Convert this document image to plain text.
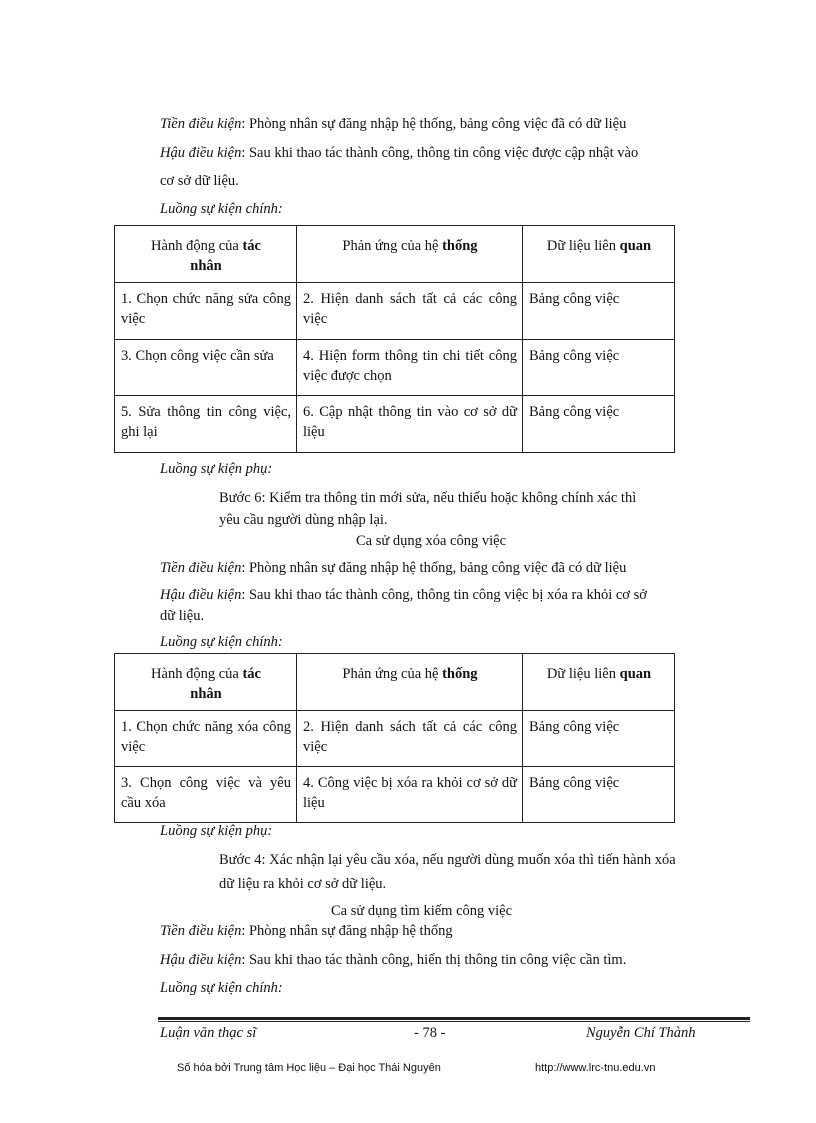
Tiền điều kiện: Phòng nhân sự đăng nhập hệ thống, bảng công việc đã có dữ liệu
Hậu điều kiện: Sau khi thao tác thành công, thông tin công việc được cập nhật vào
cơ sở dữ liệu.
Luồng sự kiện chính:
Hành động của tác
nhân	Phản ứng của hệ thống	Dữ liệu liên quan
1. Chọn chức năng sửa công việc	2. Hiện danh sách tất cả các công việc	Bảng công việc
3. Chọn công việc cần sửa	4. Hiện form thông tin chi tiết công việc được chọn	Bảng công việc
5. Sửa thông tin công việc, ghi lại	6. Cập nhật thông tin vào cơ sở dữ liệu	Bảng công việc
Luồng sự kiện phụ:
Bước 6: Kiểm tra thông tin mới sửa, nếu thiếu hoặc không chính xác thì
yêu cầu người dùng nhập lại.
Ca sử dụng xóa công việc
Tiền điều kiện: Phòng nhân sự đăng nhập hệ thống, bảng công việc đã có dữ liệu
Hậu điều kiện: Sau khi thao tác thành công, thông tin công việc bị xóa ra khỏi cơ sở
dữ liệu.
Luồng sự kiện chính:
Hành động của tác
nhân	Phản ứng của hệ thống	Dữ liệu liên quan
1. Chọn chức năng xóa công việc	2. Hiện danh sách tất cả các công việc	Bảng công việc
3. Chọn công việc và yêu cầu xóa	4. Công việc bị xóa ra khỏi cơ sở dữ liệu	Bảng công việc
Luồng sự kiện phụ:
Bước 4: Xác nhận lại yêu cầu xóa, nếu người dùng muốn xóa thì tiến hành xóa
dữ liệu ra khỏi cơ sở dữ liệu.
Ca sử dụng tìm kiếm công việc
Tiền điều kiện: Phòng nhân sự đăng nhập hệ thống
Hậu điều kiện: Sau khi thao tác thành công, hiển thị thông tin công việc cần tìm.
Luồng sự kiện chính:
Luận văn thạc sĩ	- 78 -	Nguyễn Chí Thành
Số hóa bởi Trung tâm Học liệu – Đại học Thái Nguyên	http://www.lrc-tnu.edu.vn
